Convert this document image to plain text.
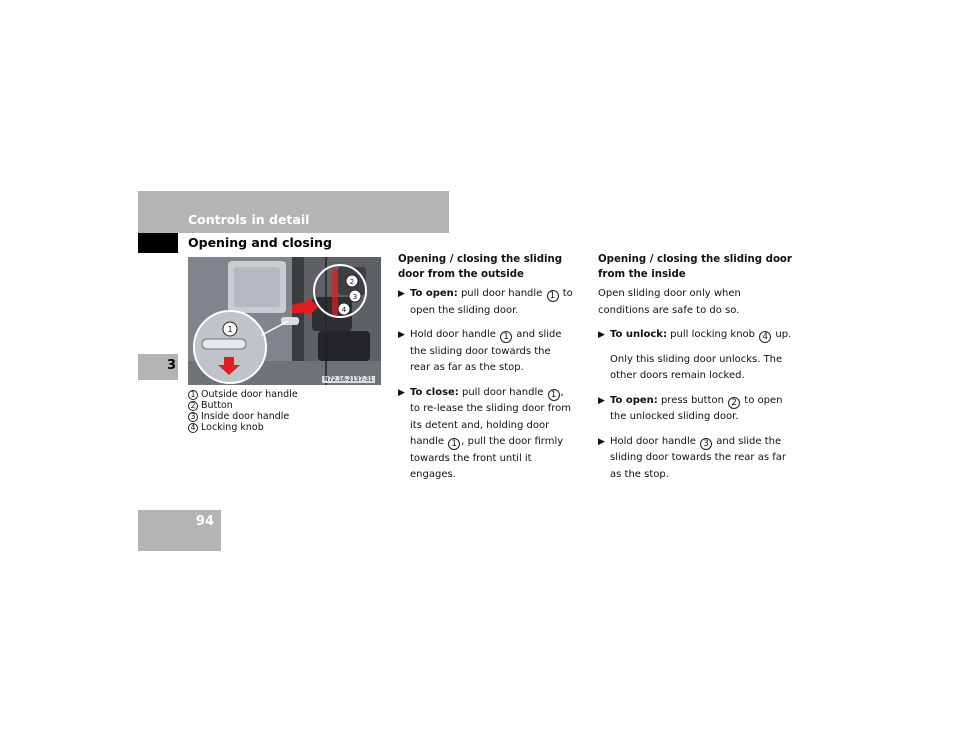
Controls in detail
Opening and closing
3
94
1
2
3
4
N72.16-2137-31
1 Outside door handle
2 Button
3 Inside door handle
4 Locking knob
Opening / closing the sliding door from the outside
▶ To open: pull door handle 1 to open the sliding door.
▶ Hold door handle 1 and slide the sliding door towards the rear as far as the stop.
▶ To close: pull door handle 1 , to re-lease the sliding door from its detent and, holding door handle 1 , pull the door firmly towards the front until it engages.
Opening / closing the sliding door from the inside
Open sliding door only when conditions are safe to do so.
▶ To unlock: pull locking knob 4 up.
Only this sliding door unlocks. The other doors remain locked.
▶ To open: press button 2 to open the unlocked sliding door.
▶ Hold door handle 3 and slide the sliding door towards the rear as far as the stop.
